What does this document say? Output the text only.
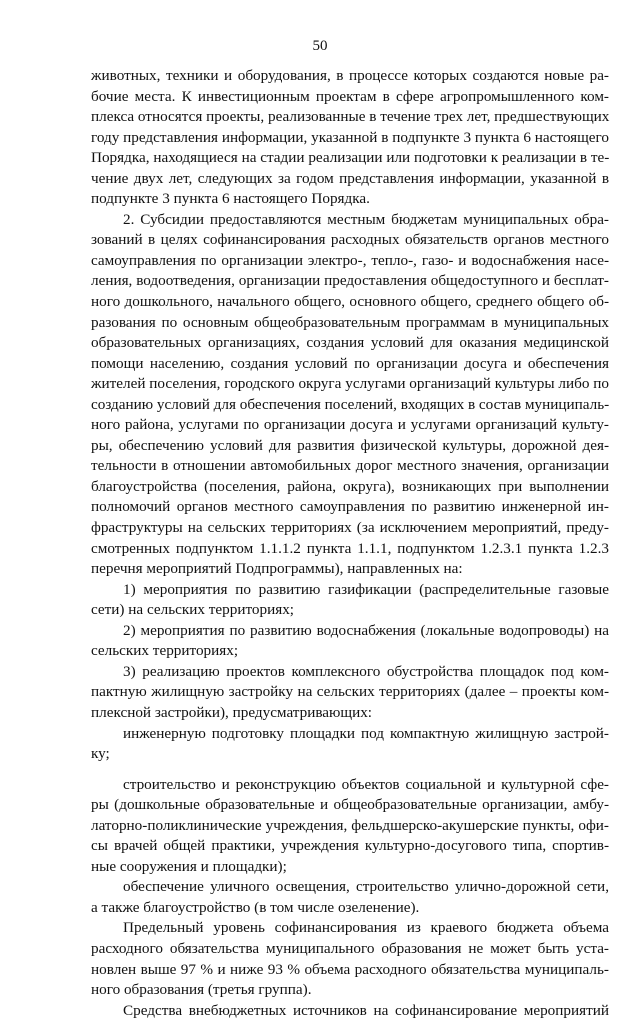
50
животных, техники и оборудования, в процессе которых создаются новые ра-
бочие места. К инвестиционным проектам в сфере агропромышленного ком-
плекса относятся проекты, реализованные в течение трех лет, предшествующих
году представления информации, указанной в подпункте 3 пункта 6 настоящего
Порядка, находящиеся на стадии реализации или подготовки к реализации в те-
чение двух лет, следующих за годом представления информации, указанной в
подпункте 3 пункта 6 настоящего Порядка.
2. Субсидии предоставляются местным бюджетам муниципальных обра-
зований в целях софинансирования расходных обязательств органов местного
самоуправления по организации электро-, тепло-, газо- и водоснабжения насе-
ления, водоотведения, организации предоставления общедоступного и бесплат-
ного дошкольного, начального общего, основного общего, среднего общего об-
разования по основным общеобразовательным программам в муниципальных
образовательных организациях, создания условий для оказания медицинской
помощи населению, создания условий по организации досуга и обеспечения
жителей поселения, городского округа услугами организаций культуры либо по
созданию условий для обеспечения поселений, входящих в состав муниципаль-
ного района, услугами по организации досуга и услугами организаций культу-
ры, обеспечению условий для развития физической культуры, дорожной дея-
тельности в отношении автомобильных дорог местного значения, организации
благоустройства (поселения, района, округа), возникающих при выполнении
полномочий органов местного самоуправления по развитию инженерной ин-
фраструктуры на сельских территориях (за исключением мероприятий, преду-
смотренных подпунктом 1.1.1.2 пункта 1.1.1, подпунктом 1.2.3.1 пункта 1.2.3
перечня мероприятий Подпрограммы), направленных на:
1) мероприятия по развитию газификации (распределительные газовые
сети) на сельских территориях;
2) мероприятия по развитию водоснабжения (локальные водопроводы) на
сельских территориях;
3) реализацию проектов комплексного обустройства площадок под ком-
пактную жилищную застройку на сельских территориях (далее – проекты ком-
плексной застройки), предусматривающих:
инженерную подготовку площадки под компактную жилищную застрой-
ку;
строительство и реконструкцию объектов социальной и культурной сфе-
ры (дошкольные образовательные и общеобразовательные организации, амбу-
латорно-поликлинические учреждения, фельдшерско-акушерские пункты, офи-
сы врачей общей практики, учреждения культурно-досугового типа, спортив-
ные сооружения и площадки);
обеспечение уличного освещения, строительство улично-дорожной сети,
а также благоустройство (в том числе озеленение).
Предельный уровень софинансирования из краевого бюджета объема
расходного обязательства муниципального образования не может быть уста-
новлен выше 97 % и ниже 93 % объема расходного обязательства муниципаль-
ного образования (третья группа).
Средства внебюджетных источников на софинансирование мероприятий
